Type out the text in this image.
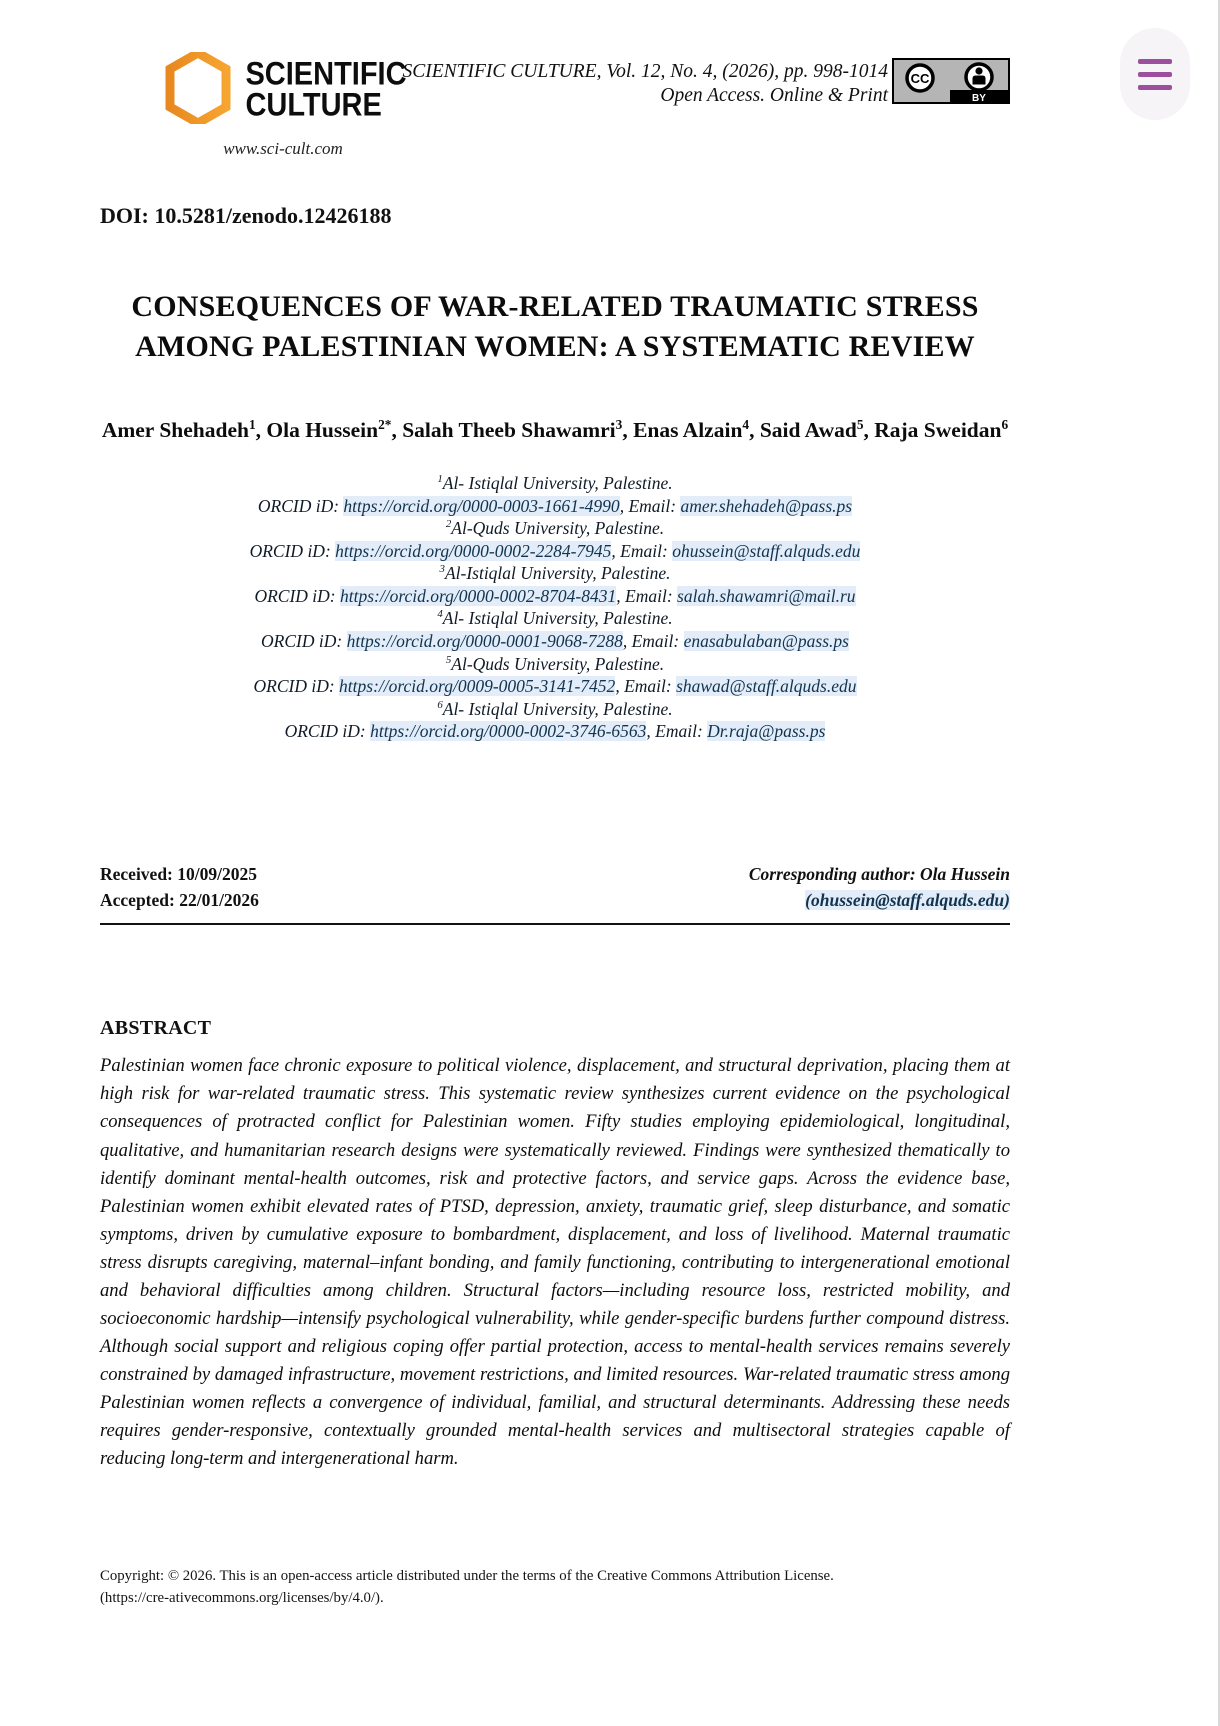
SCIENTIFIC
CULTURE
www.sci-cult.com
SCIENTIFIC CULTURE, Vol. 12, No. 4, (2026), pp. 998-1014
Open Access. Online & Print
CC
BY
DOI: 10.5281/zenodo.12426188
CONSEQUENCES OF WAR-RELATED TRAUMATIC STRESS AMONG PALESTINIAN WOMEN: A SYSTEMATIC REVIEW
Amer Shehadeh$^1$, Ola Hussein$^{2*}$, Salah Theeb Shawamri$^3$, Enas Alzain$^4$, Said Awad$^5$, Raja Sweidan$^6$
$^1$Al- Istiqlal University, Palestine.
ORCID iD: https://orcid.org/0000-0003-1661-4990, Email: amer.shehadeh@pass.ps
$^2$Al-Quds University, Palestine.
ORCID iD: https://orcid.org/0000-0002-2284-7945, Email: ohussein@staff.alquds.edu
$^3$Al-Istiqlal University, Palestine.
ORCID iD: https://orcid.org/0000-0002-8704-8431, Email: salah.shawamri@mail.ru
$^4$Al- Istiqlal University, Palestine.
ORCID iD: https://orcid.org/0000-0001-9068-7288, Email: enasabulaban@pass.ps
$^5$Al-Quds University, Palestine.
ORCID iD: https://orcid.org/0009-0005-3141-7452, Email: shawad@staff.alquds.edu
$^6$Al- Istiqlal University, Palestine.
ORCID iD: https://orcid.org/0000-0002-3746-6563, Email: Dr.raja@pass.ps
Received: 10/09/2025
Accepted: 22/01/2026
Corresponding author: Ola Hussein
(ohussein@staff.alquds.edu)
ABSTRACT

Palestinian women face chronic exposure to political violence, displacement, and structural deprivation, placing them at high risk for war-related traumatic stress. This systematic review synthesizes current evidence on the psychological consequences of protracted conflict for Palestinian women. Fifty studies employing epidemiological, longitudinal, qualitative, and humanitarian research designs were systematically reviewed. Findings were synthesized thematically to identify dominant mental-health outcomes, risk and protective factors, and service gaps. Across the evidence base, Palestinian women exhibit elevated rates of PTSD, depression, anxiety, traumatic grief, sleep disturbance, and somatic symptoms, driven by cumulative exposure to bombardment, displacement, and loss of livelihood. Maternal traumatic stress disrupts caregiving, maternal–infant bonding, and family functioning, contributing to intergenerational emotional and behavioral difficulties among children. Structural factors—including resource loss, restricted mobility, and socioeconomic hardship—intensify psychological vulnerability, while gender-specific burdens further compound distress. Although social support and religious coping offer partial protection, access to mental-health services remains severely constrained by damaged infrastructure, movement restrictions, and limited resources. War-related traumatic stress among Palestinian women reflects a convergence of individual, familial, and structural determinants. Addressing these needs requires gender-responsive, contextually grounded mental-health services and multisectoral strategies capable of reducing long-term and intergenerational harm.

Copyright: © 2026. This is an open-access article distributed under the terms of the Creative Commons Attribution License.
(https://cre-ativecommons.org/licenses/by/4.0/).
